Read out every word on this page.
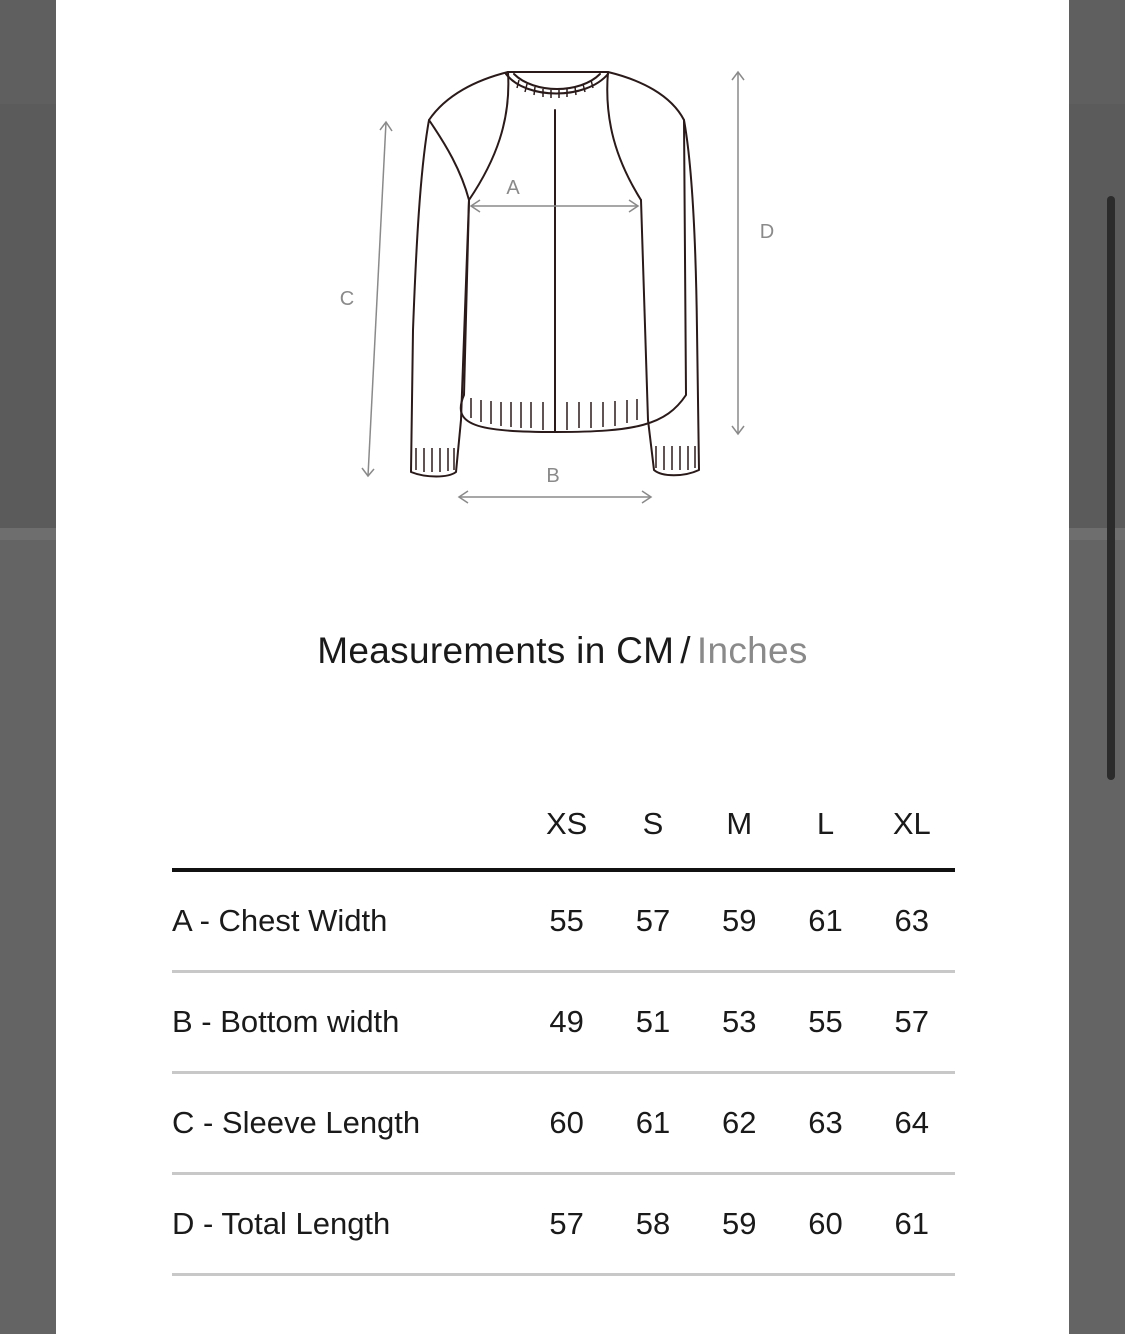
A
B
C
D
Measurements in CM / Inches
	XS	S	M	L	XL
A - Chest Width	55	57	59	61	63
B - Bottom width	49	51	53	55	57
C - Sleeve Length	60	61	62	63	64
D - Total Length	57	58	59	60	61
